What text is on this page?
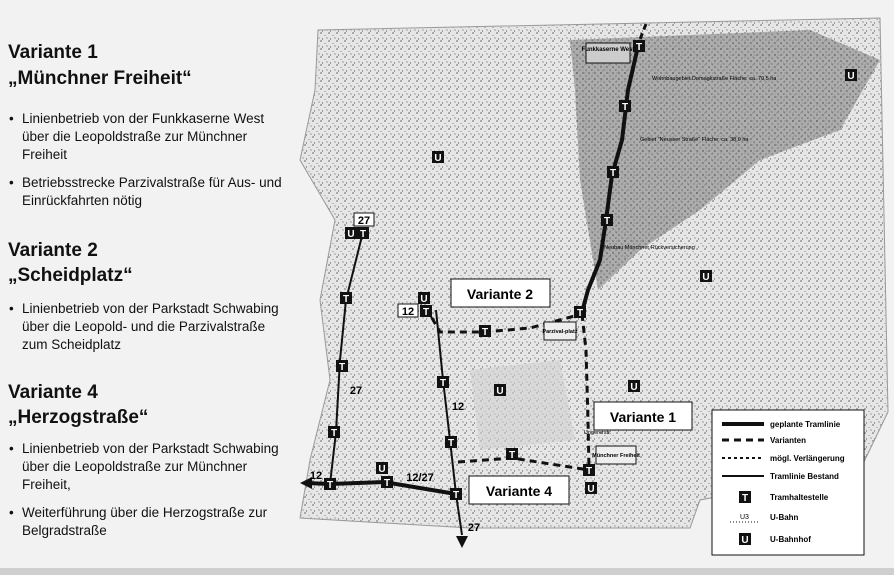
Variante 1
„Münchner Freiheit“
• Linienbetrieb von der Funkkaserne West über die Leopoldstraße zur Münchner Freiheit
• Betriebsstrecke Parzivalstraße für Aus- und Einrückfahrten nötig
Variante 2
„Scheidplatz“
• Linienbetrieb von der Parkstadt Schwabing über die Leopold- und die Parzivalstraße zum Scheidplatz
Variante 4
„Herzogstraße“
• Linienbetrieb von der Parkstadt Schwabing über die Leopoldstraße zur Münchner Freiheit,
• Weiterführung über die Herzogstraße zur Belgradstraße
27
12
27
12
12	12/27
27
Funkkaserne West
Parzival-platz
Münchner Freiheit
Neubau Münchner Rückversicherung
Gebiet "Neusser Straße" Fläche: ca. 38,0 ha
Wohnbaugebiet Domagkstraße Fläche: ca. 70,5 ha
Ungererstr.
Variante 2
Variante 1
Variante 4
geplante Tramlinie
Varianten
mögl. Verlängerung
Tramlinie Bestand
Tramhaltestelle
U3	U-Bahn
U-Bahnhof
